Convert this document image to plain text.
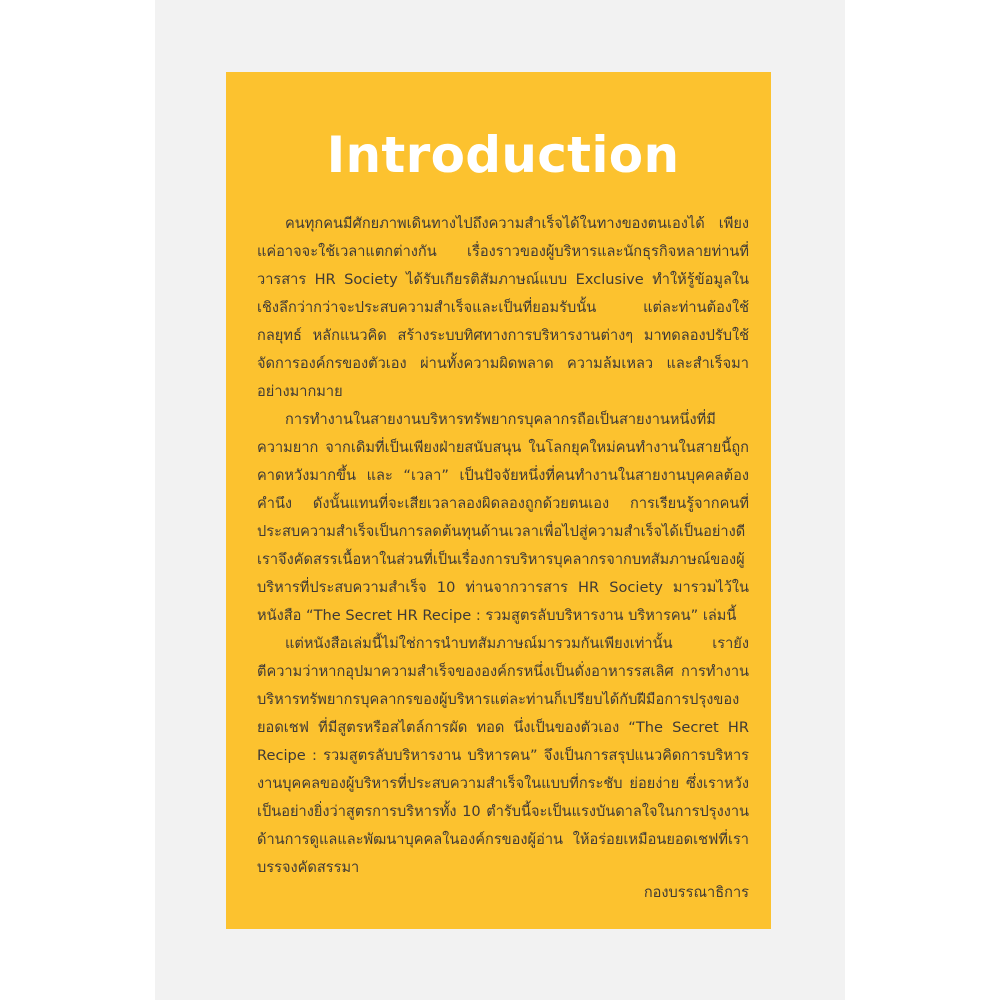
Introduction

คนทุกคนมีศักยภาพเดินทางไปถึงความสำเร็จได้ในทางของตนเองได้ เพียงแค่อาจจะใช้เวลาแตกต่างกัน เรื่องราวของผู้บริหารและนักธุรกิจหลายท่านที่วารสาร HR Society ได้รับเกียรติสัมภาษณ์แบบ Exclusive ทำให้รู้ข้อมูลในเชิงลึกว่ากว่าจะประสบความสำเร็จและเป็นที่ยอมรับนั้น แต่ละท่านต้องใช้กลยุทธ์ หลักแนวคิด สร้างระบบทิศทางการบริหารงานต่างๆ มาทดลองปรับใช้จัดการองค์กรของตัวเอง ผ่านทั้งความผิดพลาด ความล้มเหลว และสำเร็จมาอย่างมากมาย

การทำงานในสายงานบริหารทรัพยากรบุคลากรถือเป็นสายงานหนึ่งที่มีความยาก จากเดิมที่เป็นเพียงฝ่ายสนับสนุน ในโลกยุคใหม่คนทำงานในสายนี้ถูกคาดหวังมากขึ้น และ “เวลา” เป็นปัจจัยหนึ่งที่คนทำงานในสายงานบุคคลต้องคำนึง ดังนั้นแทนที่จะเสียเวลาลองผิดลองถูกด้วยตนเอง การเรียนรู้จากคนที่ประสบความสำเร็จเป็นการลดต้นทุนด้านเวลาเพื่อไปสู่ความสำเร็จได้เป็นอย่างดี เราจึงคัดสรรเนื้อหาในส่วนที่เป็นเรื่องการบริหารบุคลากรจากบทสัมภาษณ์ของผู้บริหารที่ประสบความสำเร็จ 10 ท่านจากวารสาร HR Society มารวมไว้ในหนังสือ “The Secret HR Recipe : รวมสูตรลับบริหารงาน บริหารคน” เล่มนี้

แต่หนังสือเล่มนี้ไม่ใช่การนำบทสัมภาษณ์มารวมกันเพียงเท่านั้น เรายังตีความว่าหากอุปมาความสำเร็จขององค์กรหนึ่งเป็นดั่งอาหารรสเลิศ การทำงานบริหารทรัพยากรบุคลากรของผู้บริหารแต่ละท่านก็เปรียบได้กับฝีมือการปรุงของยอดเชฟ ที่มีสูตรหรือสไตล์การผัด ทอด นึ่งเป็นของตัวเอง “The Secret HR Recipe : รวมสูตรลับบริหารงาน บริหารคน” จึงเป็นการสรุปแนวคิดการบริหารงานบุคคลของผู้บริหารที่ประสบความสำเร็จในแบบที่กระชับ ย่อยง่าย ซึ่งเราหวังเป็นอย่างยิ่งว่าสูตรการบริหารทั้ง 10 ตำรับนี้จะเป็นแรงบันดาลใจในการปรุงงานด้านการดูแลและพัฒนาบุคคลในองค์กรของผู้อ่าน ให้อร่อยเหมือนยอดเชฟที่เราบรรจงคัดสรรมา

กองบรรณาธิการ
